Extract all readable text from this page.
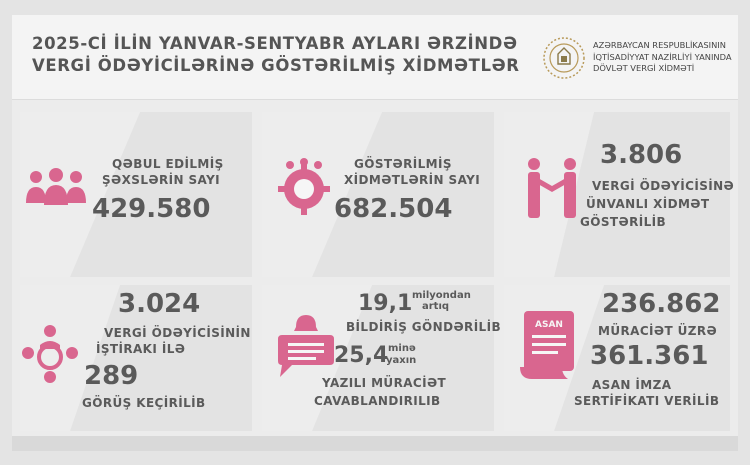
2025-Cİ İLİN YANVAR-SENTYABR AYLARI ƏRZİNDƏ
VERGİ ÖDƏYİCİLƏRİNƏ GÖSTƏRİLMİŞ XİDMƏTLƏR
AZƏRBAYCAN RESPUBLİKASININ
İQTİSADİYYAT NAZİRLİYİ YANINDA
DÖVLƏT VERGİ XİDMƏTİ
QƏBUL EDİLMİŞ
ŞƏXSLƏRİN SAYI
429.580
GÖSTƏRİLMİŞ
XİDMƏTLƏRİN SAYI
682.504
3.806
VERGİ ÖDƏYİCİSİNƏ
ÜNVANLI XİDMƏT
GÖSTƏRİLİB
3.024
VERGİ ÖDƏYİCİSİNİN
İŞTİRAKI İLƏ
289
GÖRÜŞ KEÇİRİLİB
19,1 milyondan
artıq
BİLDİRİŞ GÖNDƏRİLİB
25,4 minə
yaxın
YAZILI MÜRACİƏT
CAVABLANDIRILIB
ASAN
236.862
MÜRACİƏT ÜZRƏ
361.361
ASAN İMZA
SERTİFİKATI VERİLİB
